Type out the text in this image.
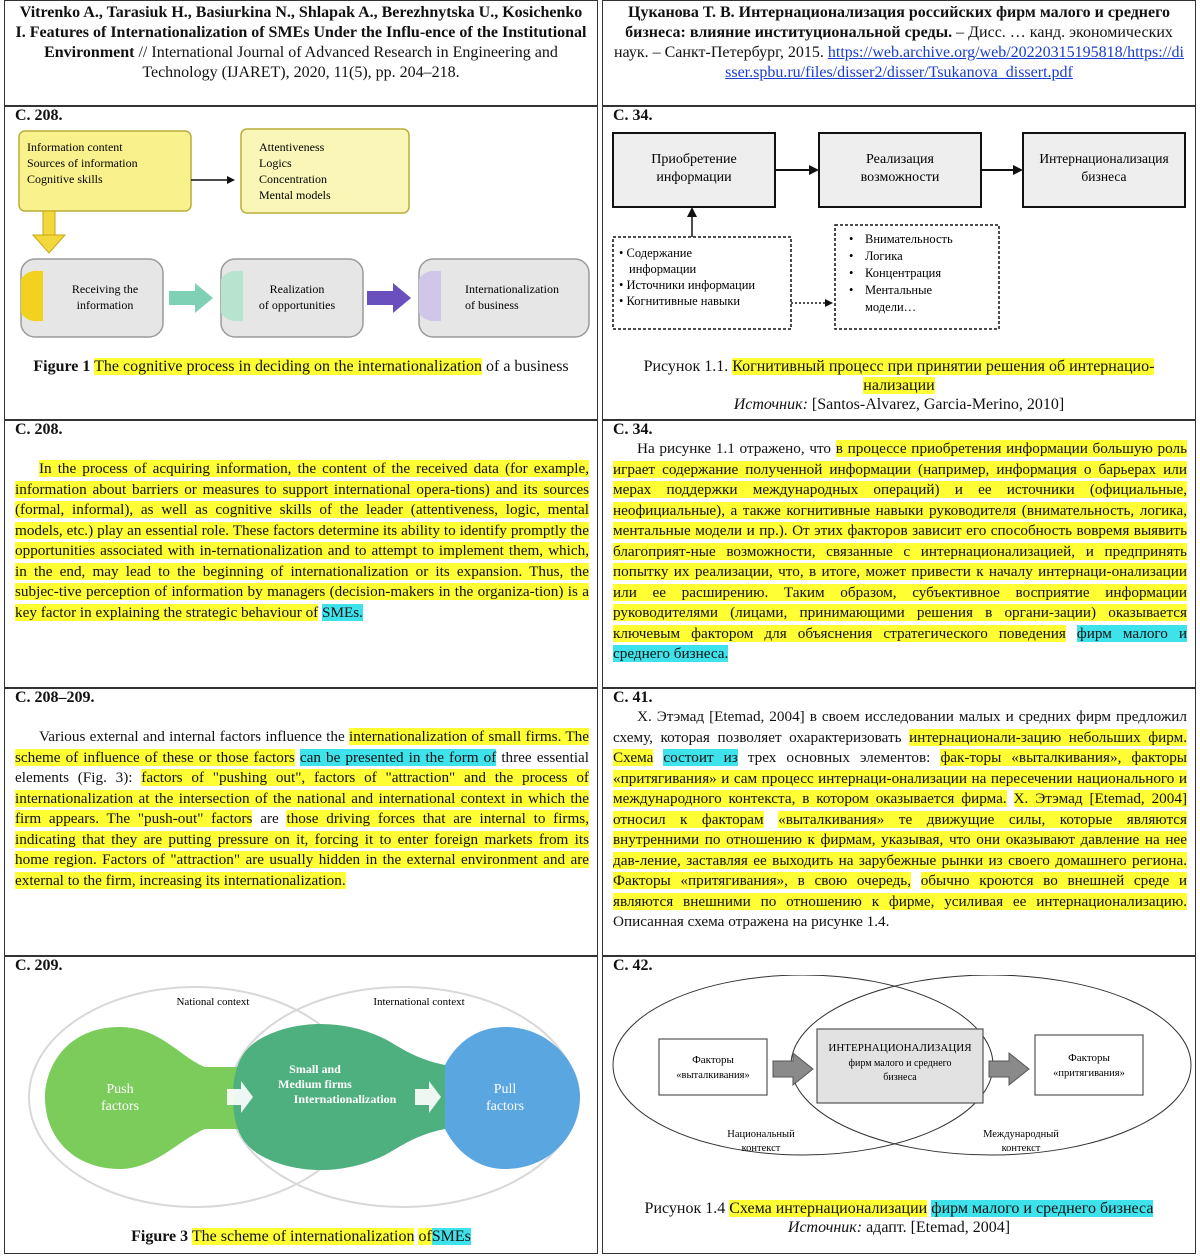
Vitrenko A., Tarasiuk H., Basiurkina N., Shlapak A., Berezhnytska U., Kosichenko I. Features of Internationalization of SMEs Under the Influ-ence of the Institutional Environment // International Journal of Advanced Research in Engineering and Technology (IJARET), 2020, 11(5), pp. 204–218.
Цуканова Т. В. Интернационализация российских фирм малого и среднего бизнеса: влияние институциональной среды. – Дисс. … канд. экономических наук. – Санкт-Петербург, 2015. https://web.archive.org/web/20220315195818/https://disser.spbu.ru/files/disser2/disser/Tsukanova_dissert.pdf
С. 208.
Information content
Sources of information
Cognitive skills
Attentiveness
Logics
Concentration
Mental models
Receiving the
information
Realization
of opportunities
Internationalization
of business
Figure 1 The cognitive process in deciding on the internationalization of a business
С. 34.
Приобретение
информации
Реализация
возможности
Интернационализация
бизнеса
• Содержание
информации
• Источники информации
• Когнитивные навыки
• Внимательность
• Логика
• Концентрация
• Ментальные
модели…
Рисунок 1.1. Когнитивный процесс при принятии решения об интернацио-нализации
Источник: [Santos-Alvarez, Garcia-Merino, 2010]
С. 208.
In the process of acquiring information, the content of the received data (for example, information about barriers or measures to support international opera-tions) and its sources (formal, informal), as well as cognitive skills of the leader (attentiveness, logic, mental models, etc.) play an essential role. These factors determine its ability to identify promptly the opportunities associated with in-ternationalization and to attempt to implement them, which, in the end, may lead to the beginning of internationalization or its expansion. Thus, the subjec-tive perception of information by managers (decision-makers in the organiza-tion) is a key factor in explaining the strategic behaviour of SMEs.
С. 34.
На рисунке 1.1 отражено, что в процессе приобретения информации большую роль играет содержание полученной информации (например, информация о барьерах или мерах поддержки международных операций) и ее источники (официальные, неофициальные), а также когнитивные навыки руководителя (внимательность, логика, ментальные модели и пр.). От этих факторов зависит его способность вовремя выявить благоприят-ные возможности, связанные с интернационализацией, и предпринять попытку их реализации, что, в итоге, может привести к началу интернаци-онализации или ее расширению. Таким образом, субъективное восприятие информации руководителями (лицами, принимающими решения в органи-зации) оказывается ключевым фактором для объяснения стратегического поведения фирм малого и среднего бизнеса.
С. 208–209.
Various external and internal factors influence the internationalization of small firms. The scheme of influence of these or those factors can be presented in the form of three essential elements (Fig. 3): factors of "pushing out", factors of "attraction" and the process of internationalization at the intersection of the national and international context in which the firm appears. The "push-out" factors are those driving forces that are internal to firms, indicating that they are putting pressure on it, forcing it to enter foreign markets from its home region. Factors of "attraction" are usually hidden in the external environment and are external to the firm, increasing its internationalization.
С. 41.
Х. Этэмад [Etemad, 2004] в своем исследовании малых и средних фирм предложил схему, которая позволяет охарактеризовать интернационали-зацию небольших фирм. Схема состоит из трех основных элементов: фак-торы «выталкивания», факторы «притягивания» и сам процесс интернаци-онализации на пересечении национального и международного контекста, в котором оказывается фирма. Х. Этэмад [Etemad, 2004] относил к факторам «выталкивания» те движущие силы, которые являются внутренними по отношению к фирмам, указывая, что они оказывают давление на нее дав-ление, заставляя ее выходить на зарубежные рынки из своего домашнего региона. Факторы «притягивания», в свою очередь, обычно кроются во внешней среде и являются внешними по отношению к фирме, усиливая ее интернационализацию. Описанная схема отражена на рисунке 1.4.
С. 209.
National context	International context
Push
factors
Small and
Medium firms
Internationalization
Pull
factors
Figure 3 The scheme of internationalization ofSMEs
С. 42.
Факторы
«выталкивания»
ИНТЕРНАЦИОНАЛИЗАЦИЯ
фирм малого и среднего
бизнеса
Факторы
«притягивания»
Национальный
контекст
Международный
контекст
Рисунок 1.4 Схема интернационализации фирм малого и среднего бизнеса
Источник: адапт. [Etemad, 2004]
